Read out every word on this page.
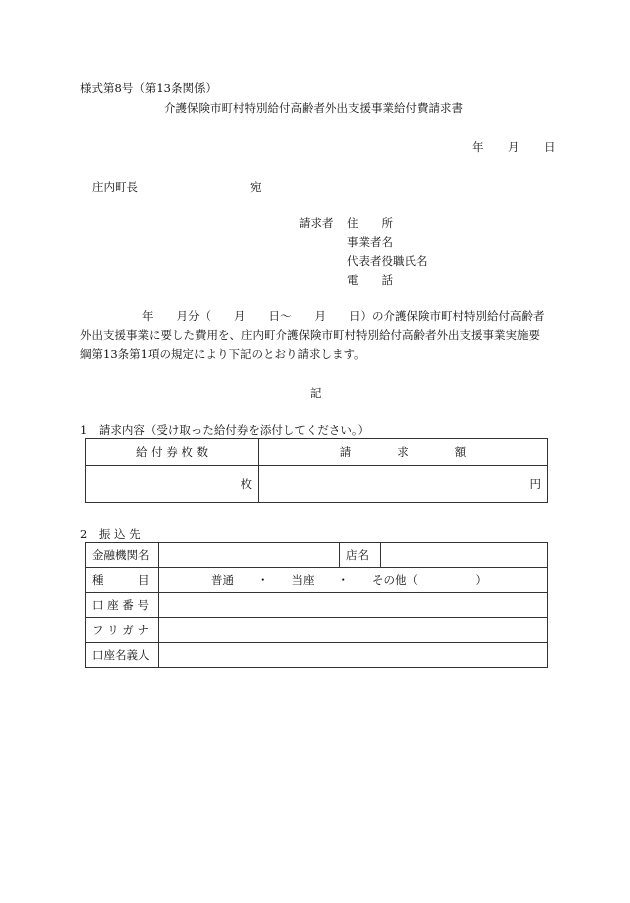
様式第8号（第13条関係）
介護保険市町村特別給付高齢者外出支援事業給付費請求書
年 月 日
庄内町長	宛
請求者 住　　所
事業者名
代表者役職氏名
電　　話
年　　月分（　　月　　日～　　月　　日）の介護保険市町村特別給付高齢者
外出支援事業に要した費用を、庄内町介護保険市町村特別給付高齢者外出支援事業実施要
綱第13条第1項の規定により下記のとおり請求します。
記
1　請求内容（受け取った給付券を添付してください。）
給 付 券 枚 数	請　　　　求　　　　額
枚	円
2　振 込 先
金融機関名		店名	
種　　　目	普通　　・　　当座　　・　　その他（　　　　　）		
口 座 番 号			
フ リ ガ ナ			
口座名義人			
